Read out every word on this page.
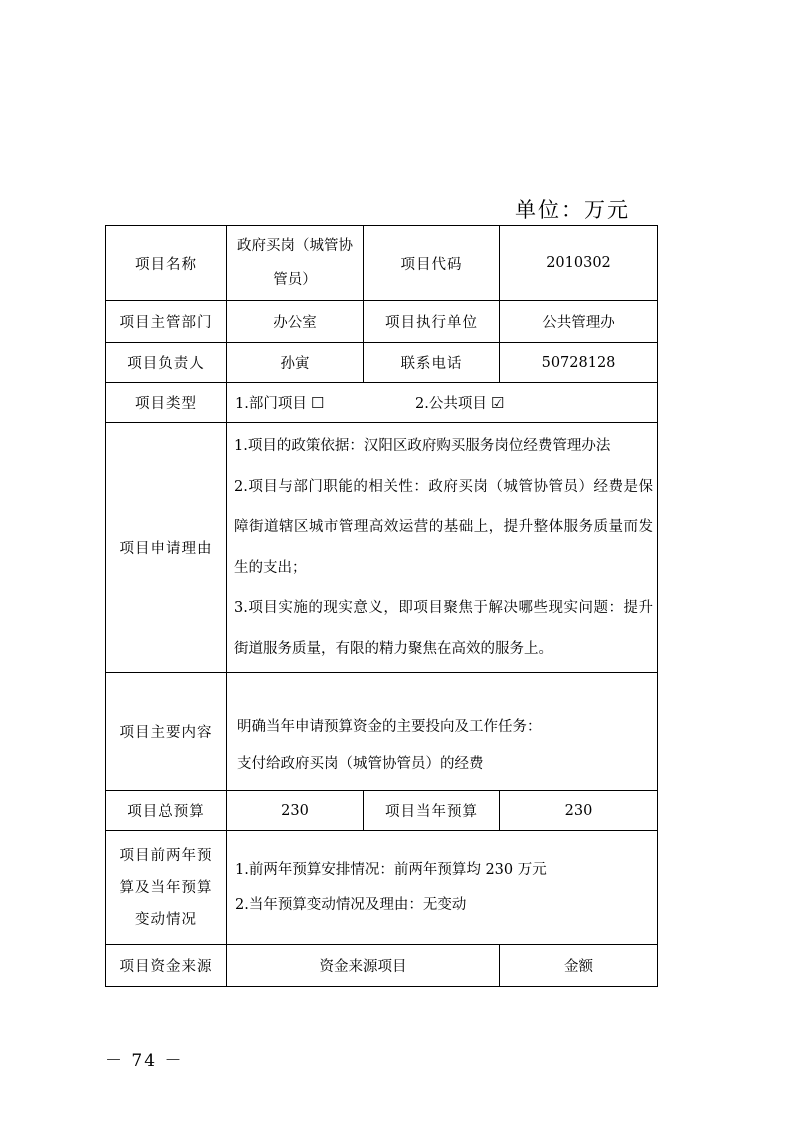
单位：万元
项目名称	政府买岗（城管协管员）	项目代码	2010302
项目主管部门	办公室	项目执行单位	公共管理办
项目负责人	孙寅	联系电话	50728128
项目类型	1.部门项目 ☐ 2.公共项目 ☑		
项目申请理由	1.项目的政策依据：汉阳区政府购买服务岗位经费管理办法
2.项目与部门职能的相关性：政府买岗（城管协管员）经费是保障街道辖区城市管理高效运营的基础上，提升整体服务质量而发生的支出；
3.项目实施的现实意义，即项目聚焦于解决哪些现实问题：提升街道服务质量，有限的精力聚焦在高效的服务上。		

项目主要内容	明确当年申请预算资金的主要投向及工作任务：
支付给政府买岗（城管协管员）的经费		

项目总预算	230	项目当年预算	230
项目前两年预算及当年预算变动情况	1.前两年预算安排情况：前两年预算均 230 万元
2.当年预算变动情况及理由：无变动		

项目资金来源	资金来源项目		金额
－ 74 －
